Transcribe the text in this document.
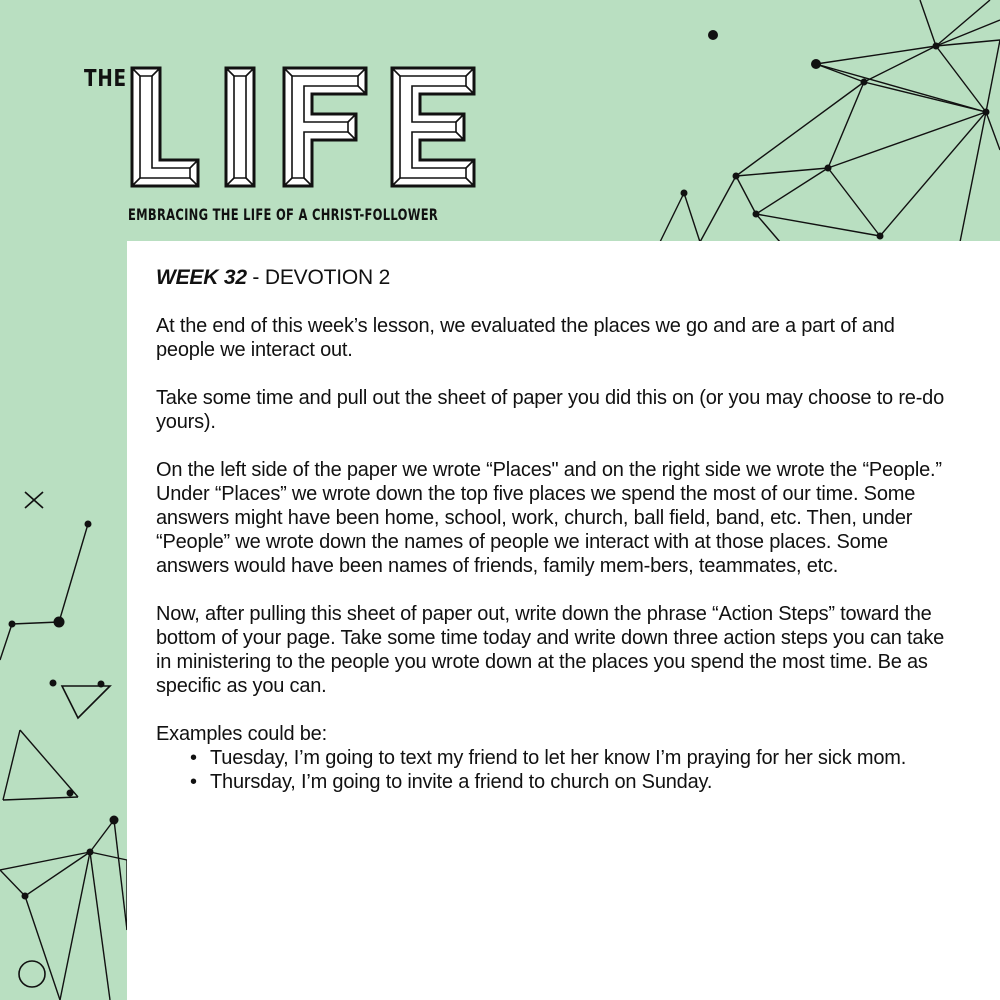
THE
EMBRACING THE LIFE OF A CHRIST-FOLLOWER
WEEK 32 - DEVOTION 2

At the end of this week’s lesson, we evaluated the places we go and are a part of and people we interact out.

Take some time and pull out the sheet of paper you did this on (or you may choose to re-do yours).

On the left side of the paper we wrote “Places" and on the right side we wrote the “People.” Under “Places” we wrote down the top five places we spend the most of our time. Some answers might have been home, school, work, church, ball field, band, etc. Then, under “People” we wrote down the names of people we interact with at those places. Some answers would have been names of friends, family mem-bers, teammates, etc.

Now, after pulling this sheet of paper out, write down the phrase “Action Steps” toward the bottom of your page. Take some time today and write down three action steps you can take in ministering to the people you wrote down at the places you spend the most time. Be as specific as you can.

Examples could be:

• Tuesday, I’m going to text my friend to let her know I’m praying for her sick mom.
• Thursday, I’m going to invite a friend to church on Sunday.
